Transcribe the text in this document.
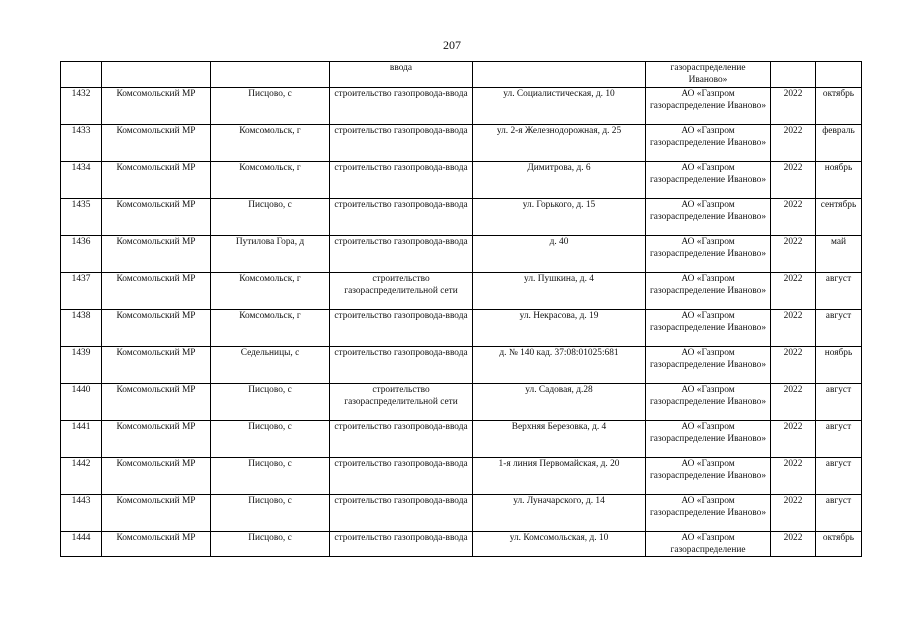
207
			ввода		газораспределение
Иваново»		

1432	Комсомольский МР	Писцово, с	строительство газопровода-ввода	ул. Социалистическая, д. 10	АО «Газпром газораспределение Иваново»	2022	октябрь
1433	Комсомольский МР	Комсомольск, г	строительство газопровода-ввода	ул. 2-я Железнодорожная, д. 25	АО «Газпром газораспределение Иваново»	2022	февраль
1434	Комсомольский МР	Комсомольск, г	строительство газопровода-ввода	Димитрова, д. 6	АО «Газпром газораспределение Иваново»	2022	ноябрь
1435	Комсомольский МР	Писцово, с	строительство газопровода-ввода	ул. Горького, д. 15	АО «Газпром газораспределение Иваново»	2022	сентябрь
1436	Комсомольский МР	Путилова Гора, д	строительство газопровода-ввода	д. 40	АО «Газпром газораспределение Иваново»	2022	май
1437	Комсомольский МР	Комсомольск, г	строительство газораспределительной сети	ул. Пушкина, д. 4	АО «Газпром газораспределение Иваново»	2022	август
1438	Комсомольский МР	Комсомольск, г	строительство газопровода-ввода	ул. Некрасова, д. 19	АО «Газпром газораспределение Иваново»	2022	август
1439	Комсомольский МР	Седельницы, с	строительство газопровода-ввода	д. № 140 кад. 37:08:01025:681	АО «Газпром газораспределение Иваново»	2022	ноябрь
1440	Комсомольский МР	Писцово, с	строительство газораспределительной сети	ул. Садовая, д.28	АО «Газпром газораспределение Иваново»	2022	август
1441	Комсомольский МР	Писцово, с	строительство газопровода-ввода	Верхняя Березовка, д. 4	АО «Газпром газораспределение Иваново»	2022	август
1442	Комсомольский МР	Писцово, с	строительство газопровода-ввода	1-я линия Первомайская, д. 20	АО «Газпром газораспределение Иваново»	2022	август
1443	Комсомольский МР	Писцово, с	строительство газопровода-ввода	ул. Луначарского, д. 14	АО «Газпром газораспределение Иваново»	2022	август
1444	Комсомольский МР	Писцово, с	строительство газопровода-ввода	ул. Комсомольская, д. 10	АО «Газпром
газораспределение	2022	октябрь
